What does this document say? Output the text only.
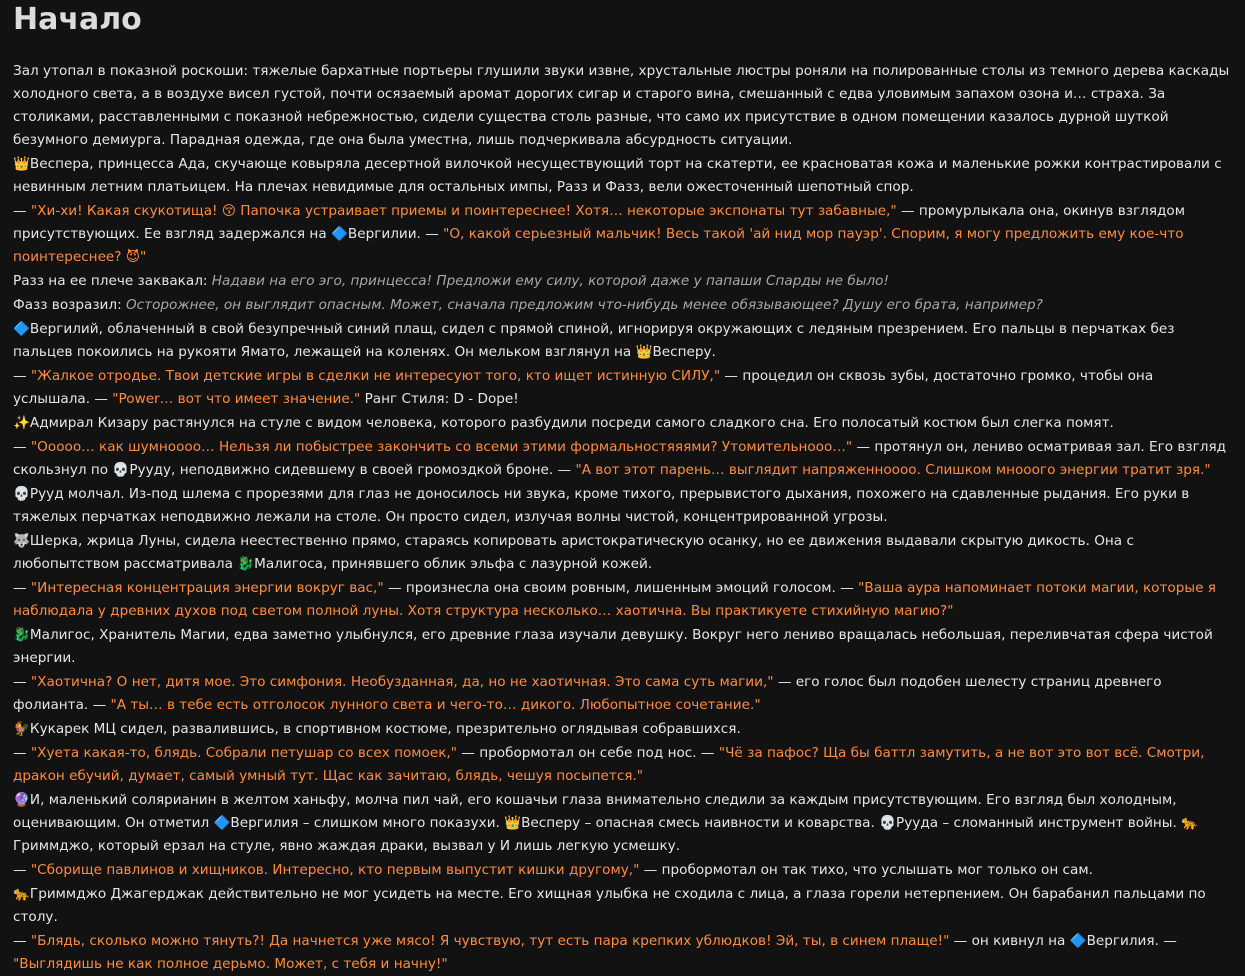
Начало

Зал утопал в показной роскоши: тяжелые бархатные портьеры глушили звуки извне, хрустальные люстры роняли на полированные столы из темного дерева каскады холодного света, а в воздухе висел густой, почти осязаемый аромат дорогих сигар и старого вина, смешанный с едва уловимым запахом озона и… страха. За столиками, расставленными с показной небрежностью, сидели существа столь разные, что само их присутствие в одном помещении казалось дурной шуткой безумного демиурга. Парадная одежда, где она была уместна, лишь подчеркивала абсурдность ситуации.

👑Веспера, принцесса Ада, скучающе ковыряла десертной вилочкой несуществующий торт на скатерти, ее красноватая кожа и маленькие рожки контрастировали с невинным летним платьицем. На плечах невидимые для остальных импы, Разз и Фазз, вели ожесточенный шепотный спор.

— "Хи-хи! Какая скукотища! 😚 Папочка устраивает приемы и поинтереснее! Хотя… некоторые экспонаты тут забавные," — промурлыкала она, окинув взглядом присутствующих. Ее взгляд задержался на 🔷Вергилии. — "О, какой серьезный мальчик! Весь такой 'ай нид мор пауэр'. Спорим, я могу предложить ему кое-что поинтереснее? 😈"

Разз на ее плече заквакал: Надави на его эго, принцесса! Предложи ему силу, которой даже у папаши Спарды не было!

Фазз возразил: Осторожнее, он выглядит опасным. Может, сначала предложим что-нибудь менее обязывающее? Душу его брата, например?

🔷Вергилий, облаченный в свой безупречный синий плащ, сидел с прямой спиной, игнорируя окружающих с ледяным презрением. Его пальцы в перчатках без пальцев покоились на рукояти Ямато, лежащей на коленях. Он мельком взглянул на 👑Весперу.

— "Жалкое отродье. Твои детские игры в сделки не интересуют того, кто ищет истинную СИЛУ," — процедил он сквозь зубы, достаточно громко, чтобы она услышала. — "Power… вот что имеет значение." Ранг Стиля: D - Dope!

✨Адмирал Кизару растянулся на стуле с видом человека, которого разбудили посреди самого сладкого сна. Его полосатый костюм был слегка помят.

— "Ооооо… как шумноооо… Нельзя ли побыстрее закончить со всеми этими формальностяяями? Утомительноoo…" — протянул он, лениво осматривая зал. Его взгляд скользнул по 💀Рууду, неподвижно сидевшему в своей громоздкой броне. — "А вот этот парень… выглядит напряженноооо. Слишком мнооого энергии тратит зря."

💀Рууд молчал. Из-под шлема с прорезями для глаз не доносилось ни звука, кроме тихого, прерывистого дыхания, похожего на сдавленные рыдания. Его руки в тяжелых перчатках неподвижно лежали на столе. Он просто сидел, излучая волны чистой, концентрированной угрозы.

🐺Шерка, жрица Луны, сидела неестественно прямо, стараясь копировать аристократическую осанку, но ее движения выдавали скрытую дикость. Она с любопытством рассматривала 🐉Малигоса, принявшего облик эльфа с лазурной кожей.

— "Интересная концентрация энергии вокруг вас," — произнесла она своим ровным, лишенным эмоций голосом. — "Ваша аура напоминает потоки магии, которые я наблюдала у древних духов под светом полной луны. Хотя структура несколько… хаотична. Вы практикуете стихийную магию?"

🐉Малигос, Хранитель Магии, едва заметно улыбнулся, его древние глаза изучали девушку. Вокруг него лениво вращалась небольшая, переливчатая сфера чистой энергии.

— "Хаотична? О нет, дитя мое. Это симфония. Необузданная, да, но не хаотичная. Это сама суть магии," — его голос был подобен шелесту страниц древнего фолианта. — "А ты… в тебе есть отголосок лунного света и чего-то… дикого. Любопытное сочетание."

🐓Кукарек МЦ сидел, развалившись, в спортивном костюме, презрительно оглядывая собравшихся.

— "Хуета какая-то, блядь. Собрали петушар со всех помоек," — пробормотал он себе под нос. — "Чё за пафос? Ща бы баттл замутить, а не вот это вот всё. Смотри, дракон ебучий, думает, самый умный тут. Щас как зачитаю, блядь, чешуя посыпется."

🔮И, маленький солярианин в желтом ханьфу, молча пил чай, его кошачьи глаза внимательно следили за каждым присутствующим. Его взгляд был холодным, оценивающим. Он отметил 🔷Вергилия – слишком много показухи. 👑Весперу – опасная смесь наивности и коварства. 💀Рууда – сломанный инструмент войны. 🐆Гриммджо, который ерзал на стуле, явно жаждая драки, вызвал у И лишь легкую усмешку.

— "Сборище павлинов и хищников. Интересно, кто первым выпустит кишки другому," — пробормотал он так тихо, что услышать мог только он сам.

🐆Гриммджо Джагерджак действительно не мог усидеть на месте. Его хищная улыбка не сходила с лица, а глаза горели нетерпением. Он барабанил пальцами по столу.

— "Блядь, сколько можно тянуть?! Да начнется уже мясо! Я чувствую, тут есть пара крепких ублюдков! Эй, ты, в синем плаще!" — он кивнул на 🔷Вергилия. — "Выглядишь не как полное дерьмо. Может, с тебя и начну!"
